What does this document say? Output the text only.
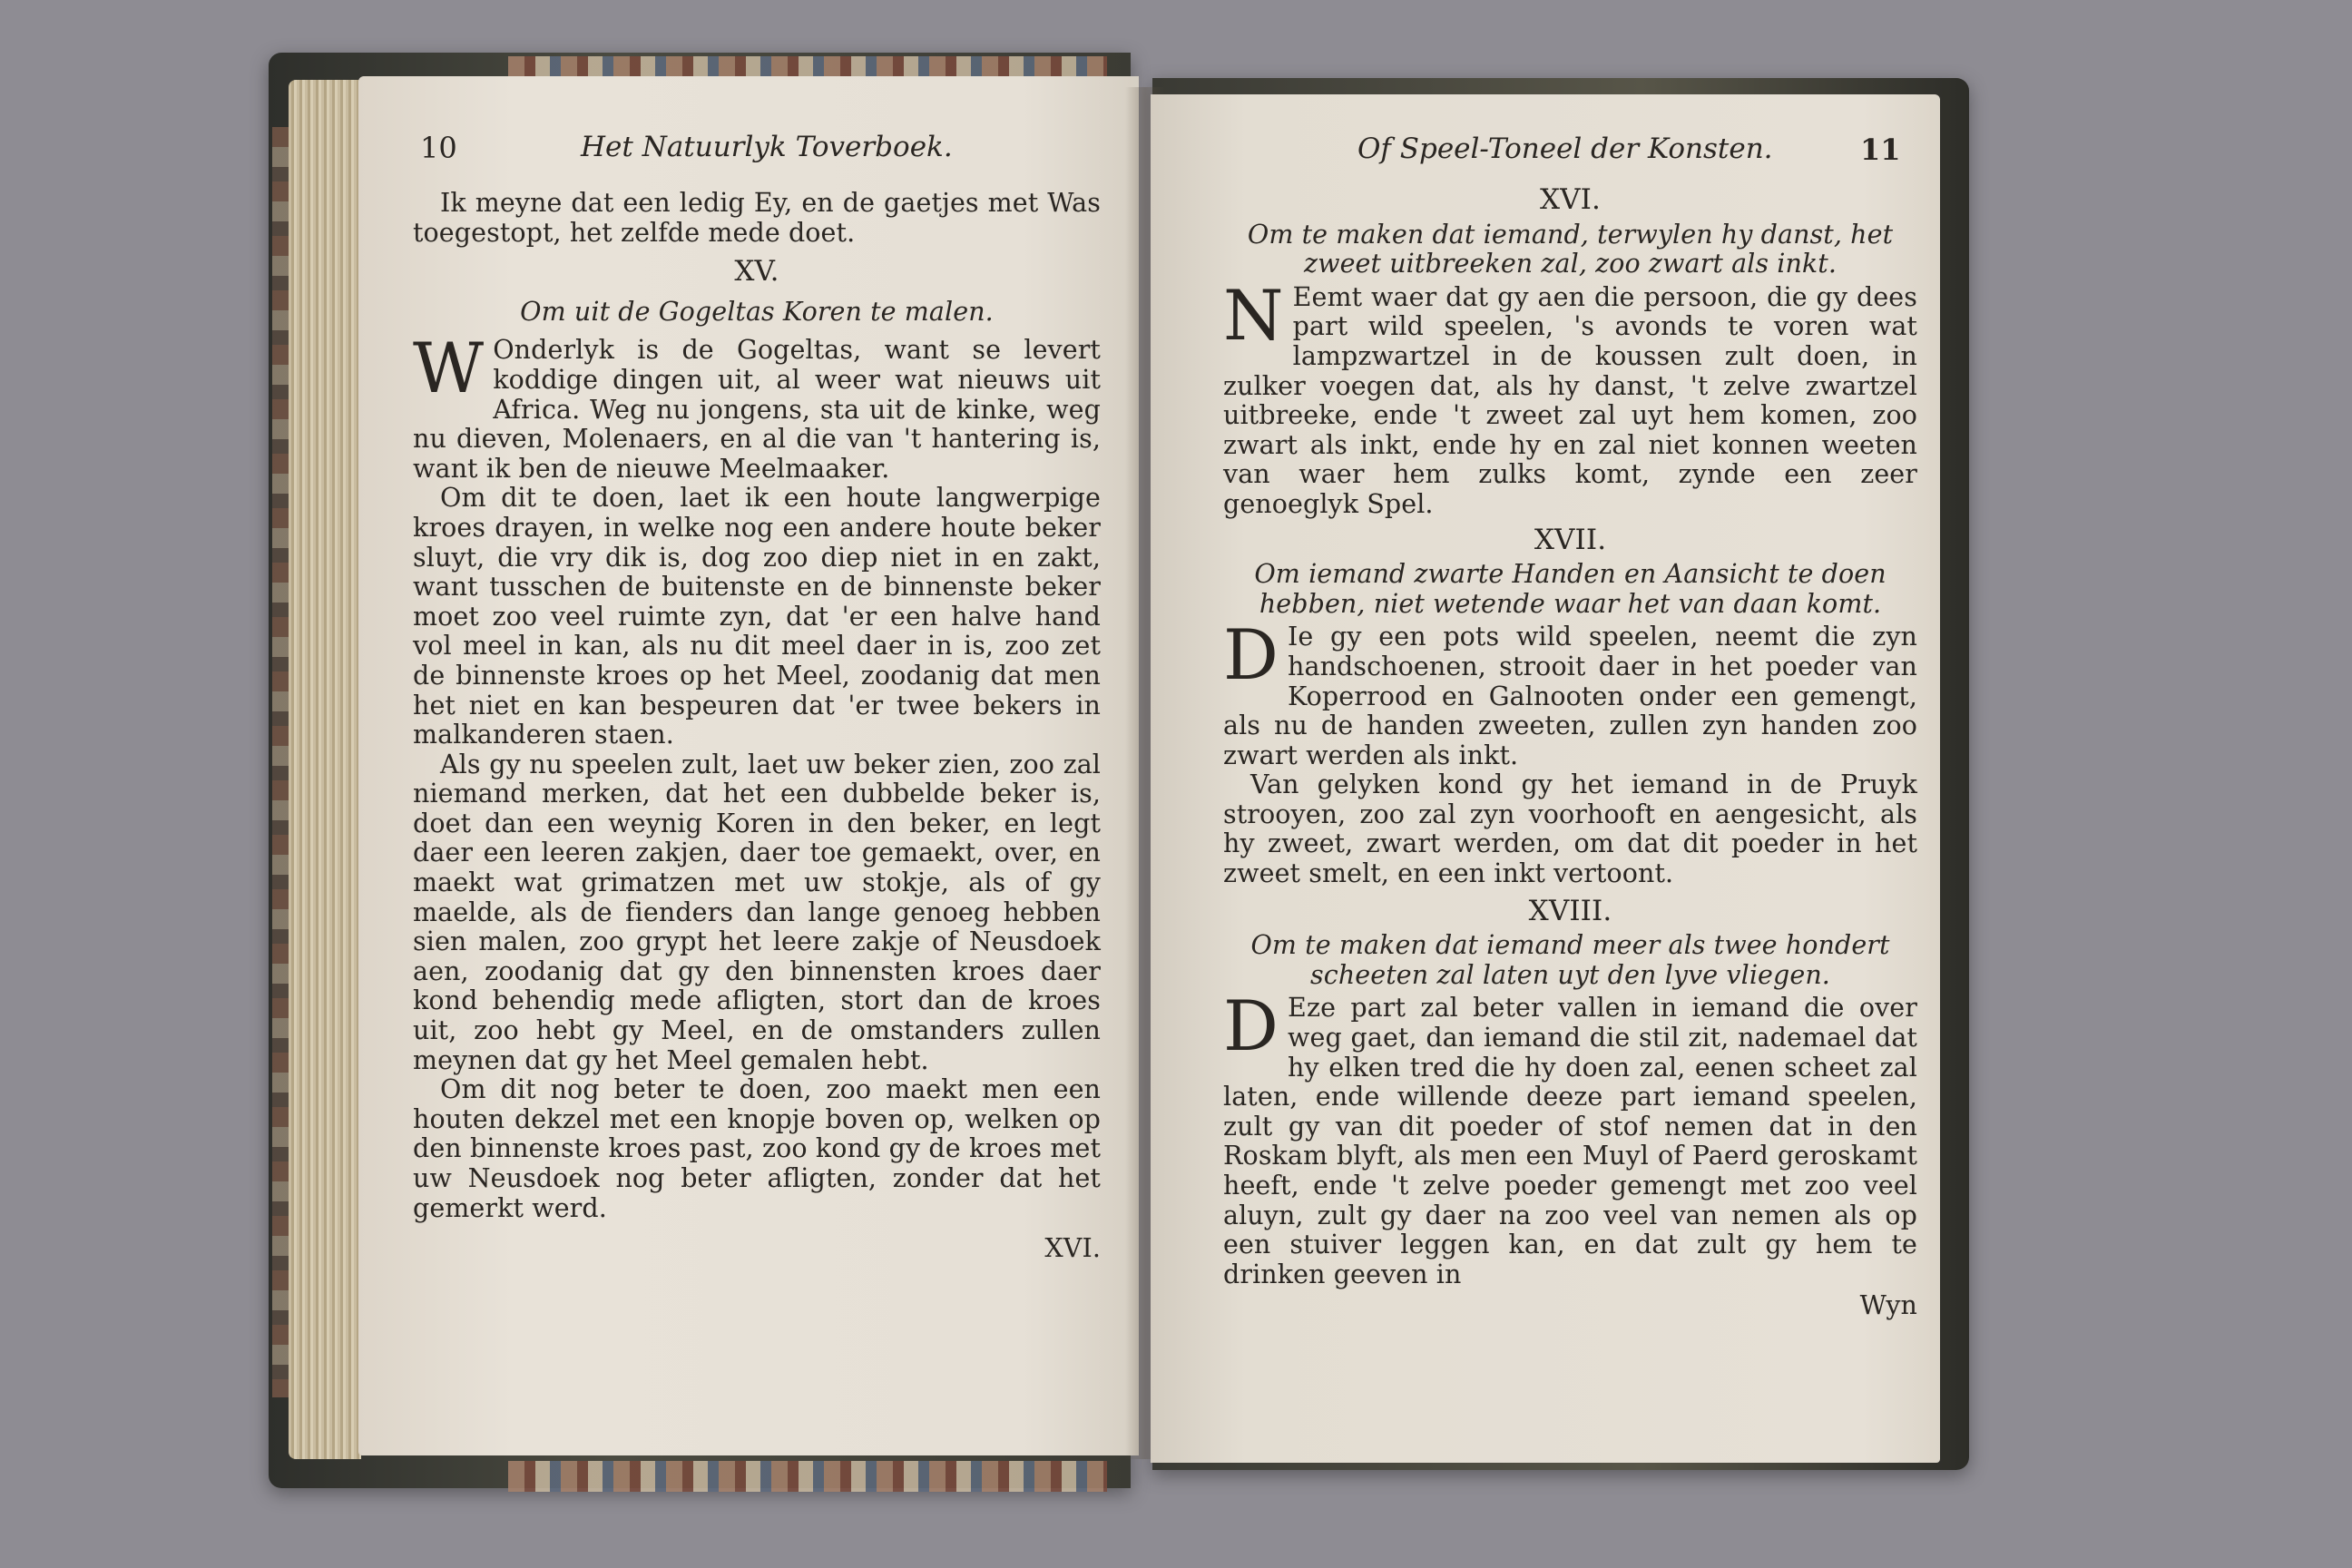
10	Het Natuurlyk Toverboek.

Ik meyne dat een ledig Ey, en de gaetjes met Was toegestopt, het zelfde mede doet.

XV.

Om uit de Gogeltas Koren te malen.

W Onderlyk is de Gogeltas, want se levert koddige dingen uit, al weer wat nieuws uit Africa. Weg nu jongens, sta uit de kinke, weg nu dieven, Molenaers, en al die van 't hantering is, want ik ben de nieuwe Meelmaaker.

Om dit te doen, laet ik een houte langwerpige kroes drayen, in welke nog een andere houte beker sluyt, die vry dik is, dog zoo diep niet in en zakt, want tusschen de buitenste en de binnenste beker moet zoo veel ruimte zyn, dat 'er een halve hand vol meel in kan, als nu dit meel daer in is, zoo zet de binnenste kroes op het Meel, zoodanig dat men het niet en kan bespeuren dat 'er twee bekers in malkanderen staen.

Als gy nu speelen zult, laet uw beker zien, zoo zal niemand merken, dat het een dubbelde beker is, doet dan een weynig Koren in den beker, en legt daer een leeren zakjen, daer toe gemaekt, over, en maekt wat grimatzen met uw stokje, als of gy maelde, als de fienders dan lange genoeg hebben sien malen, zoo grypt het leere zakje of Neusdoek aen, zoodanig dat gy den binnensten kroes daer kond behendig mede afligten, stort dan de kroes uit, zoo hebt gy Meel, en de omstanders zullen meynen dat gy het Meel gemalen hebt.

Om dit nog beter te doen, zoo maekt men een houten dekzel met een knopje boven op, welken op den binnenste kroes past, zoo kond gy de kroes met uw Neusdoek nog beter afligten, zonder dat het gemerkt werd.

XVI.

Of Speel-Toneel der Konsten.	11

XVI.

Om te maken dat iemand, terwylen hy danst, het zweet uitbreeken zal, zoo zwart als inkt.

N Eemt waer dat gy aen die persoon, die gy dees part wild speelen, 's avonds te voren wat lampzwartzel in de koussen zult doen, in zulker voegen dat, als hy danst, 't zelve zwartzel uitbreeke, ende 't zweet zal uyt hem komen, zoo zwart als inkt, ende hy en zal niet konnen weeten van waer hem zulks komt, zynde een zeer genoeglyk Spel.

XVII.

Om iemand zwarte Handen en Aansicht te doen hebben, niet wetende waar het van daan komt.

D Ie gy een pots wild speelen, neemt die zyn handschoenen, strooit daer in het poeder van Koperrood en Galnooten onder een gemengt, als nu de handen zweeten, zullen zyn handen zoo zwart werden als inkt.

Van gelyken kond gy het iemand in de Pruyk strooyen, zoo zal zyn voorhooft en aengesicht, als hy zweet, zwart werden, om dat dit poeder in het zweet smelt, en een inkt vertoont.

XVIII.

Om te maken dat iemand meer als twee hondert scheeten zal laten uyt den lyve vliegen.

D Eze part zal beter vallen in iemand die over weg gaet, dan iemand die stil zit, nademael dat hy elken tred die hy doen zal, eenen scheet zal laten, ende willende deeze part iemand speelen, zult gy van dit poeder of stof nemen dat in den Roskam blyft, als men een Muyl of Paerd geroskamt heeft, ende 't zelve poeder gemengt met zoo veel aluyn, zult gy daer na zoo veel van nemen als op een stuiver leggen kan, en dat zult gy hem te drinken geeven in

Wyn
